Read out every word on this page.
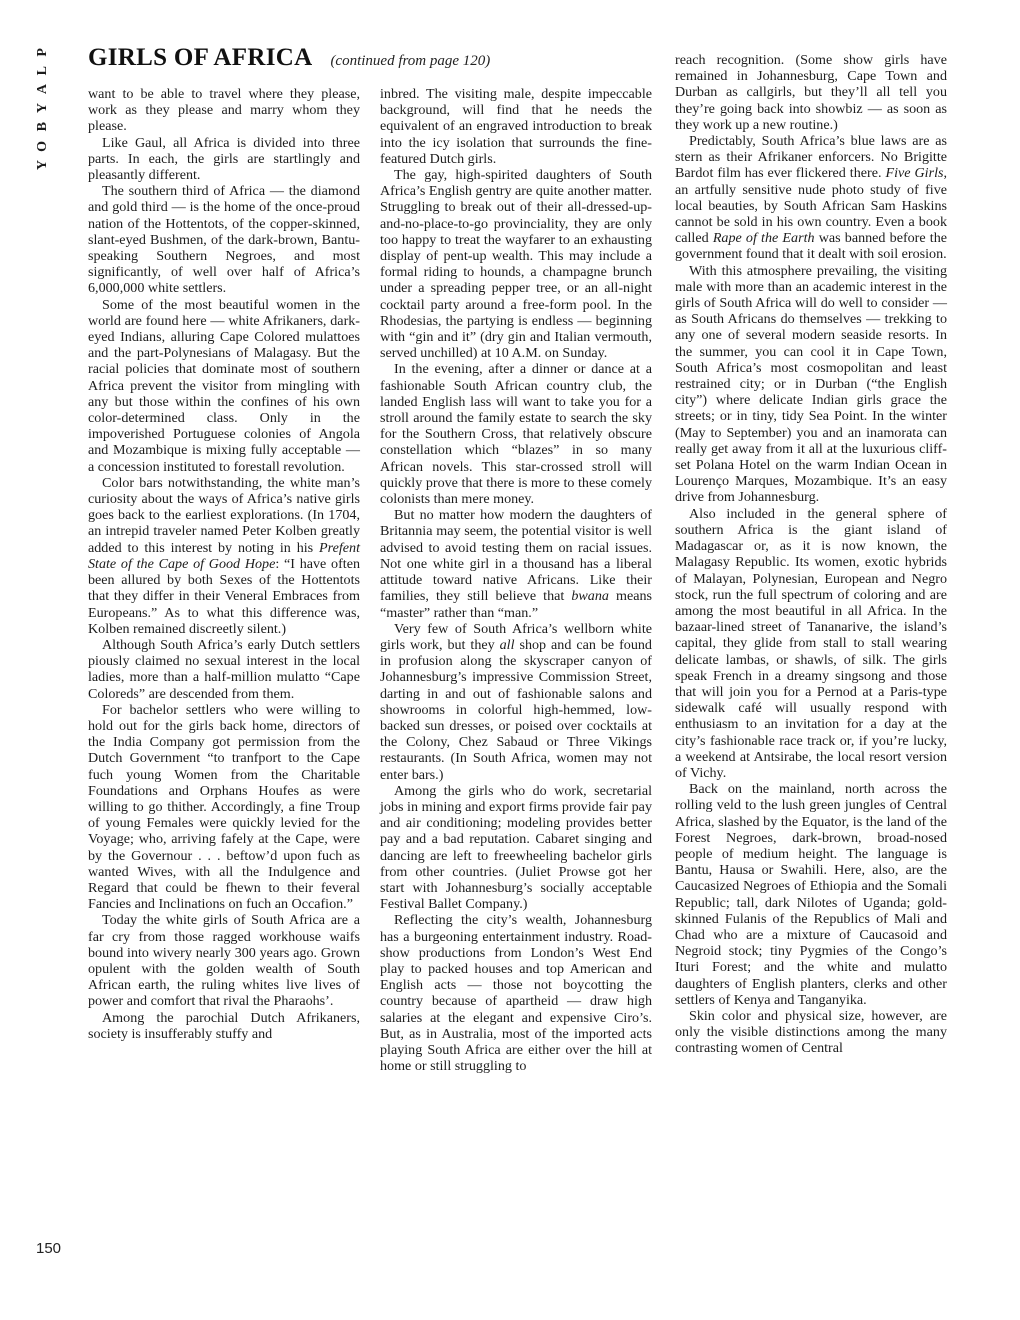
P
L
A
Y
B
O
Y
GIRLS OF AFRICA (continued from page 120)

want to be able to travel where they please, work as they please and marry whom they please.

Like Gaul, all Africa is divided into three parts. In each, the girls are startlingly and pleasantly different.

The southern third of Africa — the diamond and gold third — is the home of the once-proud nation of the Hottentots, of the copper-skinned, slant-eyed Bushmen, of the dark-brown, Bantu-speaking Southern Negroes, and most significantly, of well over half of Africa’s 6,000,000 white settlers.

Some of the most beautiful women in the world are found here — white Afrikaners, dark-eyed Indians, alluring Cape Colored mulattoes and the part-Polynesians of Malagasy. But the racial policies that dominate most of southern Africa prevent the visitor from mingling with any but those within the confines of his own color-determined class. Only in the impoverished Portuguese colonies of Angola and Mozambique is mixing fully acceptable — a concession instituted to forestall revolution.

Color bars notwithstanding, the white man’s curiosity about the ways of Africa’s native girls goes back to the earliest explorations. (In 1704, an intrepid traveler named Peter Kolben greatly added to this interest by noting in his Prefent State of the Cape of Good Hope: “I have often been allured by both Sexes of the Hottentots that they differ in their Veneral Embraces from Europeans.” As to what this difference was, Kolben remained discreetly silent.)

Although South Africa’s early Dutch settlers piously claimed no sexual interest in the local ladies, more than a half-million mulatto “Cape Coloreds” are descended from them.

For bachelor settlers who were willing to hold out for the girls back home, directors of the India Company got permission from the Dutch Government “to tranfport to the Cape fuch young Women from the Charitable Foundations and Orphans Houfes as were willing to go thither. Accordingly, a fine Troup of young Females were quickly levied for the Voyage; who, arriving fafely at the Cape, were by the Governour . . . beftow’d upon fuch as wanted Wives, with all the Indulgence and Regard that could be fhewn to their feveral Fancies and Inclinations on fuch an Occafion.”

Today the white girls of South Africa are a far cry from those ragged workhouse waifs bound into wivery nearly 300 years ago. Grown opulent with the golden wealth of South African earth, the ruling whites live lives of power and comfort that rival the Pharaohs’.

Among the parochial Dutch Afrikaners, society is insufferably stuffy and

inbred. The visiting male, despite impeccable background, will find that he needs the equivalent of an engraved introduction to break into the icy isolation that surrounds the fine-featured Dutch girls.

The gay, high-spirited daughters of South Africa’s English gentry are quite another matter. Struggling to break out of their all-dressed-up-and-no-place-to-go provinciality, they are only too happy to treat the wayfarer to an exhausting display of pent-up wealth. This may include a formal riding to hounds, a champagne brunch under a spreading pepper tree, or an all-night cocktail party around a free-form pool. In the Rhodesias, the partying is endless — beginning with “gin and it” (dry gin and Italian vermouth, served unchilled) at 10 A.M. on Sunday.

In the evening, after a dinner or dance at a fashionable South African country club, the landed English lass will want to take you for a stroll around the family estate to search the sky for the Southern Cross, that relatively obscure constellation which “blazes” in so many African novels. This star-crossed stroll will quickly prove that there is more to these comely colonists than mere money.

But no matter how modern the daughters of Britannia may seem, the potential visitor is well advised to avoid testing them on racial issues. Not one white girl in a thousand has a liberal attitude toward native Africans. Like their families, they still believe that bwana means “master” rather than “man.”

Very few of South Africa’s wellborn white girls work, but they all shop and can be found in profusion along the skyscraper canyon of Johannesburg’s impressive Commission Street, darting in and out of fashionable salons and showrooms in colorful high-hemmed, low-backed sun dresses, or poised over cocktails at the Colony, Chez Sabaud or Three Vikings restaurants. (In South Africa, women may not enter bars.)

Among the girls who do work, secretarial jobs in mining and export firms provide fair pay and air conditioning; modeling provides better pay and a bad reputation. Cabaret singing and dancing are left to freewheeling bachelor girls from other countries. (Juliet Prowse got her start with Johannesburg’s socially acceptable Festival Ballet Company.)

Reflecting the city’s wealth, Johannesburg has a burgeoning entertainment industry. Road-show productions from London’s West End play to packed houses and top American and English acts — those not boycotting the country because of apartheid — draw high salaries at the elegant and expensive Ciro’s. But, as in Australia, most of the imported acts playing South Africa are either over the hill at home or still struggling to

reach recognition. (Some show girls have remained in Johannesburg, Cape Town and Durban as callgirls, but they’ll all tell you they’re going back into showbiz — as soon as they work up a new routine.)

Predictably, South Africa’s blue laws are as stern as their Afrikaner enforcers. No Brigitte Bardot film has ever flickered there. Five Girls, an artfully sensitive nude photo study of five local beauties, by South African Sam Haskins cannot be sold in his own country. Even a book called Rape of the Earth was banned before the government found that it dealt with soil erosion.

With this atmosphere prevailing, the visiting male with more than an academic interest in the girls of South Africa will do well to consider — as South Africans do themselves — trekking to any one of several modern seaside resorts. In the summer, you can cool it in Cape Town, South Africa’s most cosmopolitan and least restrained city; or in Durban (“the English city”) where delicate Indian girls grace the streets; or in tiny, tidy Sea Point. In the winter (May to September) you and an inamorata can really get away from it all at the luxurious cliff-set Polana Hotel on the warm Indian Ocean in Lourenço Marques, Mozambique. It’s an easy drive from Johannesburg.

Also included in the general sphere of southern Africa is the giant island of Madagascar or, as it is now known, the Malagasy Republic. Its women, exotic hybrids of Malayan, Polynesian, European and Negro stock, run the full spectrum of coloring and are among the most beautiful in all Africa. In the bazaar-lined street of Tananarive, the island’s capital, they glide from stall to stall wearing delicate lambas, or shawls, of silk. The girls speak French in a dreamy singsong and those that will join you for a Pernod at a Paris-type sidewalk café will usually respond with enthusiasm to an invitation for a day at the city’s fashionable race track or, if you’re lucky, a weekend at Antsirabe, the local resort version of Vichy.

Back on the mainland, north across the rolling veld to the lush green jungles of Central Africa, slashed by the Equator, is the land of the Forest Negroes, dark-brown, broad-nosed people of medium height. The language is Bantu, Hausa or Swahili. Here, also, are the Caucasized Negroes of Ethiopia and the Somali Republic; tall, dark Nilotes of Uganda; gold-skinned Fulanis of the Republics of Mali and Chad who are a mixture of Caucasoid and Negroid stock; tiny Pygmies of the Congo’s Ituri Forest; and the white and mulatto daughters of English planters, clerks and other settlers of Kenya and Tanganyika.

Skin color and physical size, however, are only the visible distinctions among the many contrasting women of Central

150
